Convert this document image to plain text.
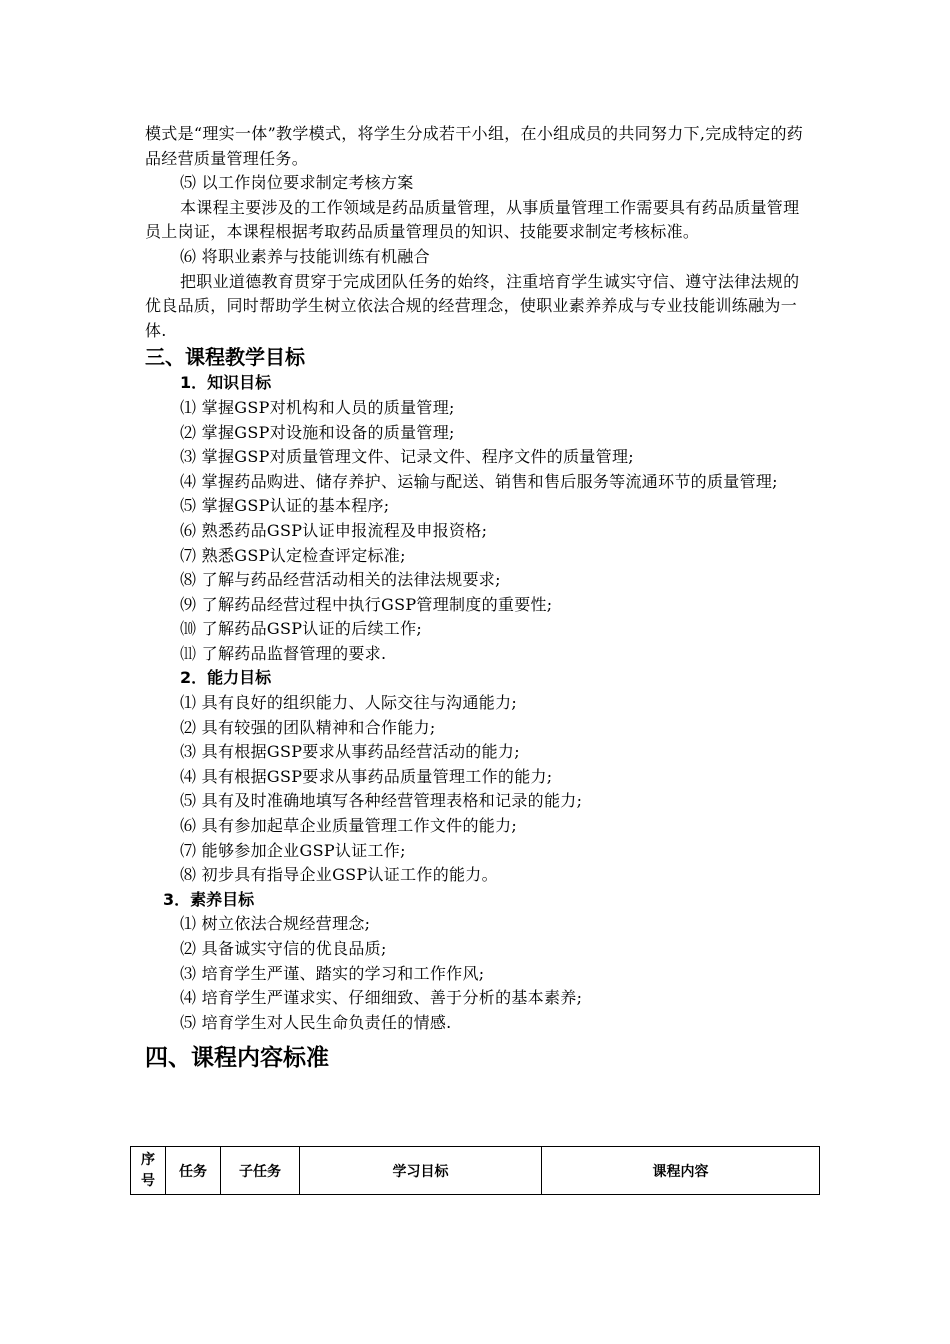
模式是“理实一体”教学模式，将学生分成若干小组，在小组成员的共同努力下,完成特定的药品经营质量管理任务。

⑸ 以工作岗位要求制定考核方案

本课程主要涉及的工作领域是药品质量管理，从事质量管理工作需要具有药品质量管理员上岗证，本课程根据考取药品质量管理员的知识、技能要求制定考核标准。

⑹ 将职业素养与技能训练有机融合

把职业道德教育贯穿于完成团队任务的始终，注重培育学生诚实守信、遵守法律法规的优良品质，同时帮助学生树立依法合规的经营理念，使职业素养养成与专业技能训练融为一体.

三、课程教学目标
1．知识目标

⑴ 掌握GSP对机构和人员的质量管理;

⑵ 掌握GSP对设施和设备的质量管理;

⑶ 掌握GSP对质量管理文件、记录文件、程序文件的质量管理;

⑷ 掌握药品购进、储存养护、运输与配送、销售和售后服务等流通环节的质量管理;

⑸ 掌握GSP认证的基本程序;

⑹ 熟悉药品GSP认证申报流程及申报资格;

⑺ 熟悉GSP认定检查评定标准;

⑻ 了解与药品经营活动相关的法律法规要求;

⑼ 了解药品经营过程中执行GSP管理制度的重要性;

⑽ 了解药品GSP认证的后续工作;

⑾ 了解药品监督管理的要求.

2．能力目标

⑴ 具有良好的组织能力、人际交往与沟通能力;

⑵ 具有较强的团队精神和合作能力;

⑶ 具有根据GSP要求从事药品经营活动的能力;

⑷ 具有根据GSP要求从事药品质量管理工作的能力;

⑸ 具有及时准确地填写各种经营管理表格和记录的能力;

⑹ 具有参加起草企业质量管理工作文件的能力;

⑺ 能够参加企业GSP认证工作;

⑻ 初步具有指导企业GSP认证工作的能力。

3．素养目标

⑴ 树立依法合规经营理念;

⑵ 具备诚实守信的优良品质;

⑶ 培育学生严谨、踏实的学习和工作作风;

⑷ 培育学生严谨求实、仔细细致、善于分析的基本素养;

⑸ 培育学生对人民生命负责任的情感.

四、课程内容标准
序号	任务	子任务	学习目标	课程内容
